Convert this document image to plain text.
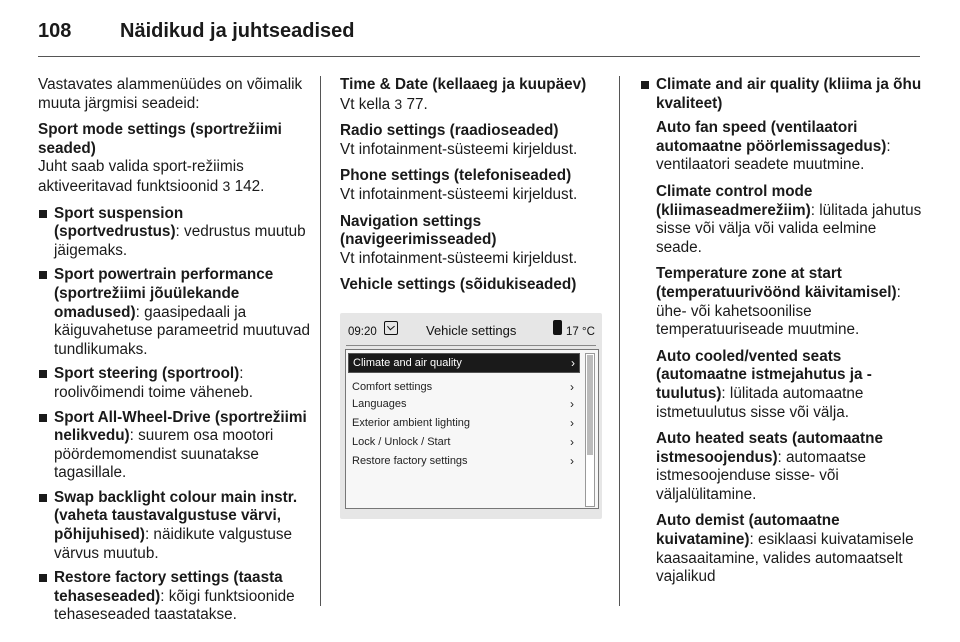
108 Näidikud ja juhtseadised

Vastavates alammenüüdes on võimalik muuta järgmisi seadeid:

Sport mode settings (sportrežiimi seaded)
Juht saab valida sport-režiimis aktiveeritavad funktsioonid 3 142.

Sport suspension (sportvedrustus): vedrustus muutub jäigemaks.
Sport powertrain performance (sportrežiimi jõuülekande omadused): gaasipedaali ja käiguvahetuse parameetrid muutuvad tundlikumaks.
Sport steering (sportrool): roolivõimendi toime väheneb.
Sport All-Wheel-Drive (sportrežiimi nelikvedu): suurem osa mootori pöördemomendist suunatakse tagasillale.
Swap backlight colour main instr. (vaheta taustavalgustuse värvi, põhijuhised): näidikute valgustuse värvus muutub.
Restore factory settings (taasta tehaseseaded): kõigi funktsioonide tehaseseaded taastatakse.

Time & Date (kellaaeg ja kuupäev)
Vt kella 3 77.

Radio settings (raadioseaded)
Vt infotainment-süsteemi kirjeldust.

Phone settings (telefoniseaded)
Vt infotainment-süsteemi kirjeldust.

Navigation settings (navigeerimisseaded)
Vt infotainment-süsteemi kirjeldust.

Vehicle settings (sõidukiseaded)

09:20	Vehicle settings	17 °C
Climate and air quality	›
Comfort settings	›
Languages	›
Exterior ambient lighting	›
Lock / Unlock / Start	›
Restore factory settings	›
Climate and air quality (kliima ja õhu kvaliteet)

Auto fan speed (ventilaatori automaatne pöörlemissagedus): ventilaatori seadete muutmine.

Climate control mode (kliimaseadmerežiim): lülitada jahutus sisse või välja või valida eelmine seade.

Temperature zone at start (temperatuurivöönd käivitamisel): ühe- või kahetsoonilise temperatuuriseade muutmine.

Auto cooled/vented seats (automaatne istmejahutus ja -tuulutus): lülitada automaatne istmetuulutus sisse või välja.

Auto heated seats (automaatne istmesoojendus): automaatse istmesoojenduse sisse- või väljalülitamine.

Auto demist (automaatne kuivatamine): esiklaasi kuivatamisele kaasaaitamine, valides automaatselt vajalikud
